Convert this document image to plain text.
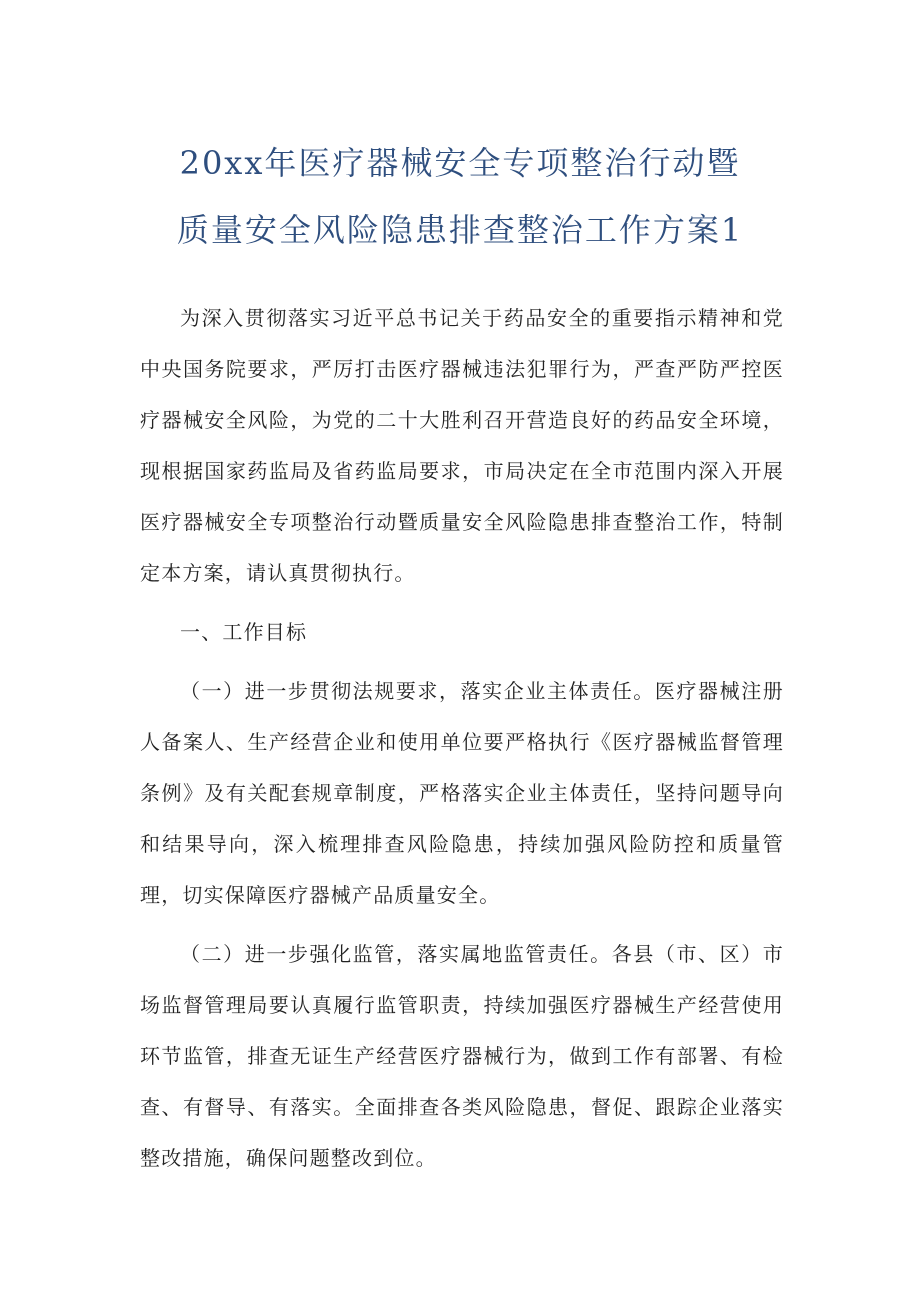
20xx年医疗器械安全专项整治行动暨
质量安全风险隐患排查整治工作方案1

为深入贯彻落实习近平总书记关于药品安全的重要指示精神和党中央国务院要求，严厉打击医疗器械违法犯罪行为，严查严防严控医疗器械安全风险，为党的二十大胜利召开营造良好的药品安全环境，现根据国家药监局及省药监局要求，市局决定在全市范围内深入开展医疗器械安全专项整治行动暨质量安全风险隐患排查整治工作，特制定本方案，请认真贯彻执行。

一、工作目标

（一）进一步贯彻法规要求，落实企业主体责任。医疗器械注册人备案人、生产经营企业和使用单位要严格执行《医疗器械监督管理条例》及有关配套规章制度，严格落实企业主体责任，坚持问题导向和结果导向，深入梳理排查风险隐患，持续加强风险防控和质量管理，切实保障医疗器械产品质量安全。

（二）进一步强化监管，落实属地监管责任。各县（市、区）市场监督管理局要认真履行监管职责，持续加强医疗器械生产经营使用环节监管，排查无证生产经营医疗器械行为，做到工作有部署、有检查、有督导、有落实。全面排查各类风险隐患，督促、跟踪企业落实整改措施，确保问题整改到位。
